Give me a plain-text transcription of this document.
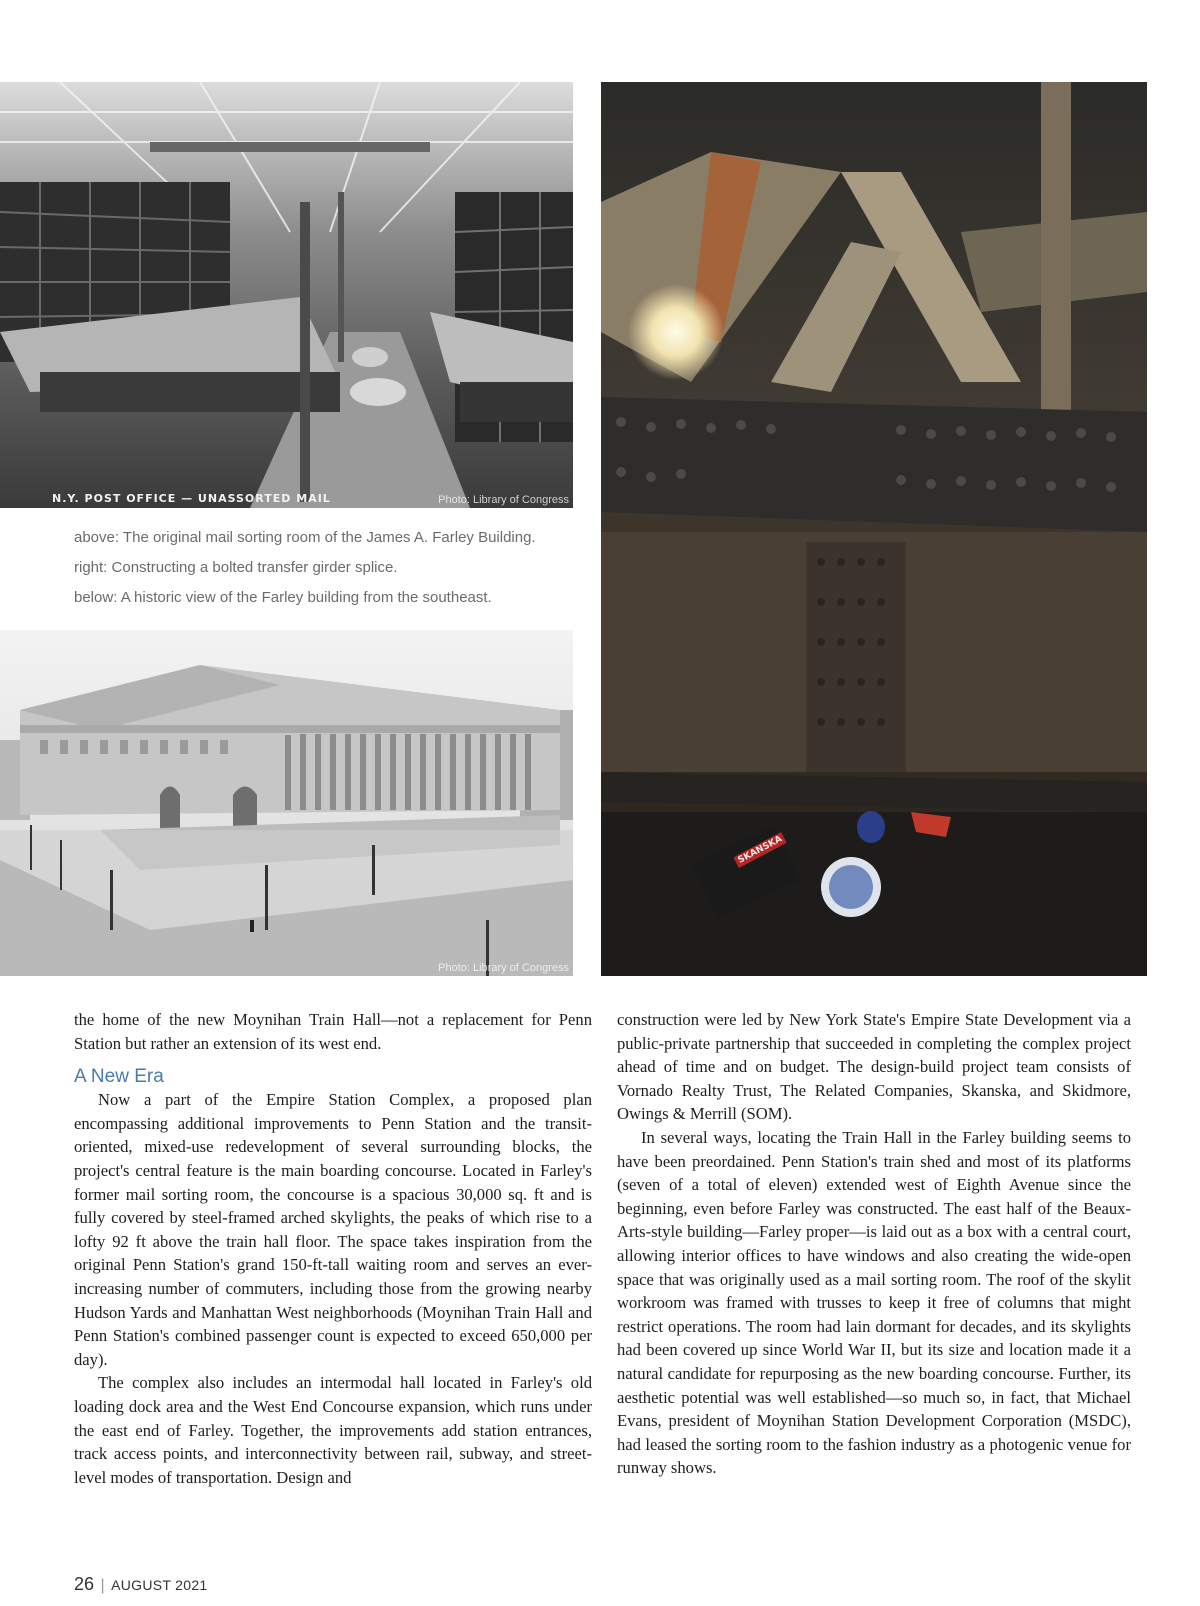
N.Y. POST OFFICE — UNASSORTED MAIL	Photo: Library of Congress
SKANSKA
above: The original mail sorting room of the James A. Farley Building.
right: Constructing a bolted transfer girder splice.
below: A historic view of the Farley building from the southeast.
Photo: Library of Congress

the home of the new Moynihan Train Hall—not a replacement for Penn Station but rather an extension of its west end.

A New Era

Now a part of the Empire Station Complex, a proposed plan encompassing additional improvements to Penn Station and the transit-oriented, mixed-use redevelopment of several surrounding blocks, the project's central feature is the main boarding concourse. Located in Farley's former mail sorting room, the concourse is a spacious 30,000 sq. ft and is fully covered by steel-framed arched skylights, the peaks of which rise to a lofty 92 ft above the train hall floor. The space takes inspiration from the original Penn Station's grand 150-ft-tall waiting room and serves an ever-increasing number of commuters, including those from the growing nearby Hudson Yards and Manhattan West neighborhoods (Moynihan Train Hall and Penn Station's combined passenger count is expected to exceed 650,000 per day).

The complex also includes an intermodal hall located in Farley's old loading dock area and the West End Concourse expansion, which runs under the east end of Farley. Together, the improvements add station entrances, track access points, and interconnectivity between rail, subway, and street-level modes of transportation. Design and

construction were led by New York State's Empire State Development via a public-private partnership that succeeded in completing the complex project ahead of time and on budget. The design-build project team consists of Vornado Realty Trust, The Related Companies, Skanska, and Skidmore, Owings & Merrill (SOM).

In several ways, locating the Train Hall in the Farley building seems to have been preordained. Penn Station's train shed and most of its platforms (seven of a total of eleven) extended west of Eighth Avenue since the beginning, even before Farley was constructed. The east half of the Beaux-Arts-style building—Farley proper—is laid out as a box with a central court, allowing interior offices to have windows and also creating the wide-open space that was originally used as a mail sorting room. The roof of the skylit workroom was framed with trusses to keep it free of columns that might restrict operations. The room had lain dormant for decades, and its skylights had been covered up since World War II, but its size and location made it a natural candidate for repurposing as the new boarding concourse. Further, its aesthetic potential was well established—so much so, in fact, that Michael Evans, president of Moynihan Station Development Corporation (MSDC), had leased the sorting room to the fashion industry as a photogenic venue for runway shows.

26 | AUGUST 2021
